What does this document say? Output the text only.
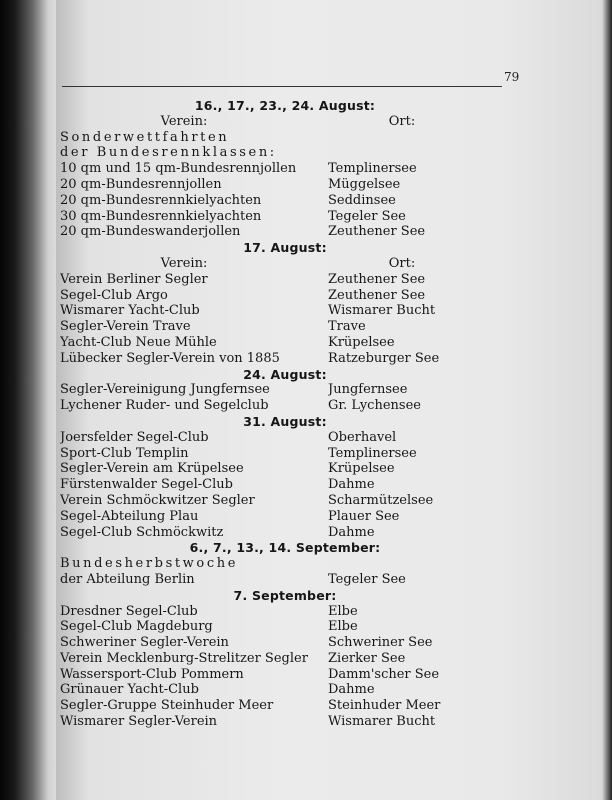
79
16., 17., 23., 24. August:
Verein:	Ort:
Sonderwettfahrten
der Bundesrennklassen:
10 qm und 15 qm-Bundesrennjollen	Templinersee
20 qm-Bundesrennjollen	Müggelsee
20 qm-Bundesrennkielyachten	Seddinsee
30 qm-Bundesrennkielyachten	Tegeler See
20 qm-Bundeswanderjollen	Zeuthener See
17. August:
Verein:	Ort:
Verein Berliner Segler	Zeuthener See
Segel-Club Argo	Zeuthener See
Wismarer Yacht-Club	Wismarer Bucht
Segler-Verein Trave	Trave
Yacht-Club Neue Mühle	Krüpelsee
Lübecker Segler-Verein von 1885	Ratzeburger See
24. August:
Segler-Vereinigung Jungfernsee	Jungfernsee
Lychener Ruder- und Segelclub	Gr. Lychensee
31. August:
Joersfelder Segel-Club	Oberhavel
Sport-Club Templin	Templinersee
Segler-Verein am Krüpelsee	Krüpelsee
Fürstenwalder Segel-Club	Dahme
Verein Schmöckwitzer Segler	Scharmützelsee
Segel-Abteilung Plau	Plauer See
Segel-Club Schmöckwitz	Dahme
6., 7., 13., 14. September:
Bundesherbstwoche
der Abteilung Berlin	Tegeler See
7. September:
Dresdner Segel-Club	Elbe
Segel-Club Magdeburg	Elbe
Schweriner Segler-Verein	Schweriner See
Verein Mecklenburg-Strelitzer Segler	Zierker See
Wassersport-Club Pommern	Damm'scher See
Grünauer Yacht-Club	Dahme
Segler-Gruppe Steinhuder Meer	Steinhuder Meer
Wismarer Segler-Verein	Wismarer Bucht
